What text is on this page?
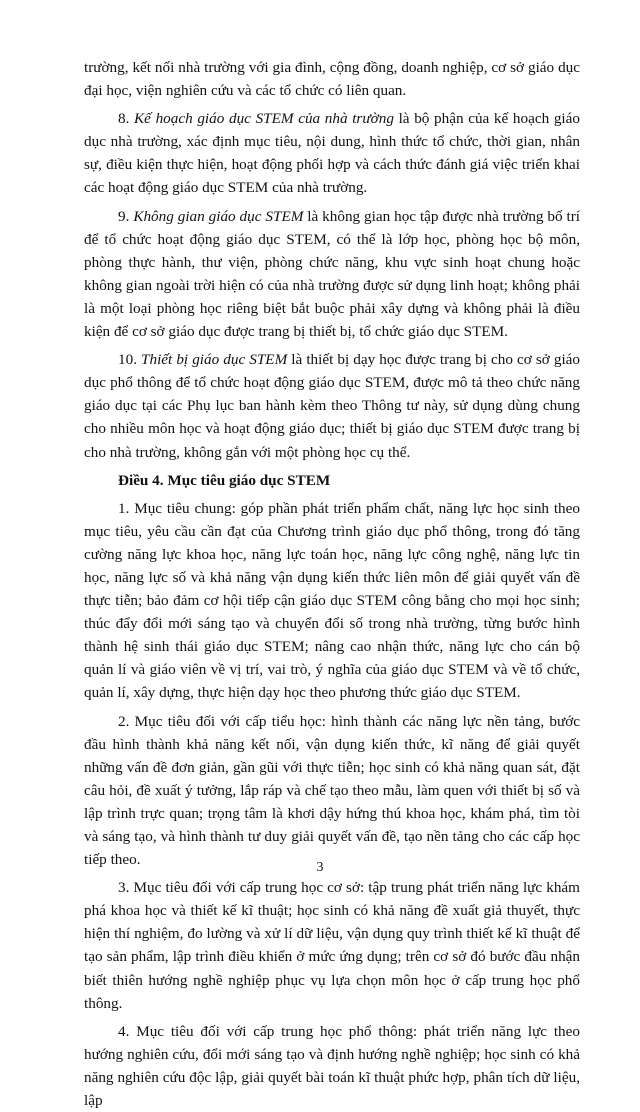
trường, kết nối nhà trường với gia đình, cộng đồng, doanh nghiệp, cơ sở giáo dục đại học, viện nghiên cứu và các tổ chức có liên quan.

8. Kế hoạch giáo dục STEM của nhà trường là bộ phận của kế hoạch giáo dục nhà trường, xác định mục tiêu, nội dung, hình thức tổ chức, thời gian, nhân sự, điều kiện thực hiện, hoạt động phối hợp và cách thức đánh giá việc triển khai các hoạt động giáo dục STEM của nhà trường.

9. Không gian giáo dục STEM là không gian học tập được nhà trường bố trí để tổ chức hoạt động giáo dục STEM, có thể là lớp học, phòng học bộ môn, phòng thực hành, thư viện, phòng chức năng, khu vực sinh hoạt chung hoặc không gian ngoài trời hiện có của nhà trường được sử dụng linh hoạt; không phải là một loại phòng học riêng biệt bắt buộc phải xây dựng và không phải là điều kiện để cơ sở giáo dục được trang bị thiết bị, tổ chức giáo dục STEM.

10. Thiết bị giáo dục STEM là thiết bị dạy học được trang bị cho cơ sở giáo dục phổ thông để tổ chức hoạt động giáo dục STEM, được mô tả theo chức năng giáo dục tại các Phụ lục ban hành kèm theo Thông tư này, sử dụng dùng chung cho nhiều môn học và hoạt động giáo dục; thiết bị giáo dục STEM được trang bị cho nhà trường, không gắn với một phòng học cụ thể.

Điều 4. Mục tiêu giáo dục STEM

1. Mục tiêu chung: góp phần phát triển phẩm chất, năng lực học sinh theo mục tiêu, yêu cầu cần đạt của Chương trình giáo dục phổ thông, trong đó tăng cường năng lực khoa học, năng lực toán học, năng lực công nghệ, năng lực tin học, năng lực số và khả năng vận dụng kiến thức liên môn để giải quyết vấn đề thực tiễn; bảo đảm cơ hội tiếp cận giáo dục STEM công bằng cho mọi học sinh; thúc đẩy đổi mới sáng tạo và chuyển đổi số trong nhà trường, từng bước hình thành hệ sinh thái giáo dục STEM; nâng cao nhận thức, năng lực cho cán bộ quản lí và giáo viên về vị trí, vai trò, ý nghĩa của giáo dục STEM và về tổ chức, quản lí, xây dựng, thực hiện dạy học theo phương thức giáo dục STEM.

2. Mục tiêu đối với cấp tiểu học: hình thành các năng lực nền tảng, bước đầu hình thành khả năng kết nối, vận dụng kiến thức, kĩ năng để giải quyết những vấn đề đơn giản, gần gũi với thực tiễn; học sinh có khả năng quan sát, đặt câu hỏi, đề xuất ý tưởng, lắp ráp và chế tạo theo mẫu, làm quen với thiết bị số và lập trình trực quan; trọng tâm là khơi dậy hứng thú khoa học, khám phá, tìm tòi và sáng tạo, và hình thành tư duy giải quyết vấn đề, tạo nền tảng cho các cấp học tiếp theo.

3. Mục tiêu đối với cấp trung học cơ sở: tập trung phát triển năng lực khám phá khoa học và thiết kế kĩ thuật; học sinh có khả năng đề xuất giả thuyết, thực hiện thí nghiệm, đo lường và xử lí dữ liệu, vận dụng quy trình thiết kế kĩ thuật để tạo sản phẩm, lập trình điều khiển ở mức ứng dụng; trên cơ sở đó bước đầu nhận biết thiên hướng nghề nghiệp phục vụ lựa chọn môn học ở cấp trung học phổ thông.

4. Mục tiêu đối với cấp trung học phổ thông: phát triển năng lực theo hướng nghiên cứu, đổi mới sáng tạo và định hướng nghề nghiệp; học sinh có khả năng nghiên cứu độc lập, giải quyết bài toán kĩ thuật phức hợp, phân tích dữ liệu, lập

3
